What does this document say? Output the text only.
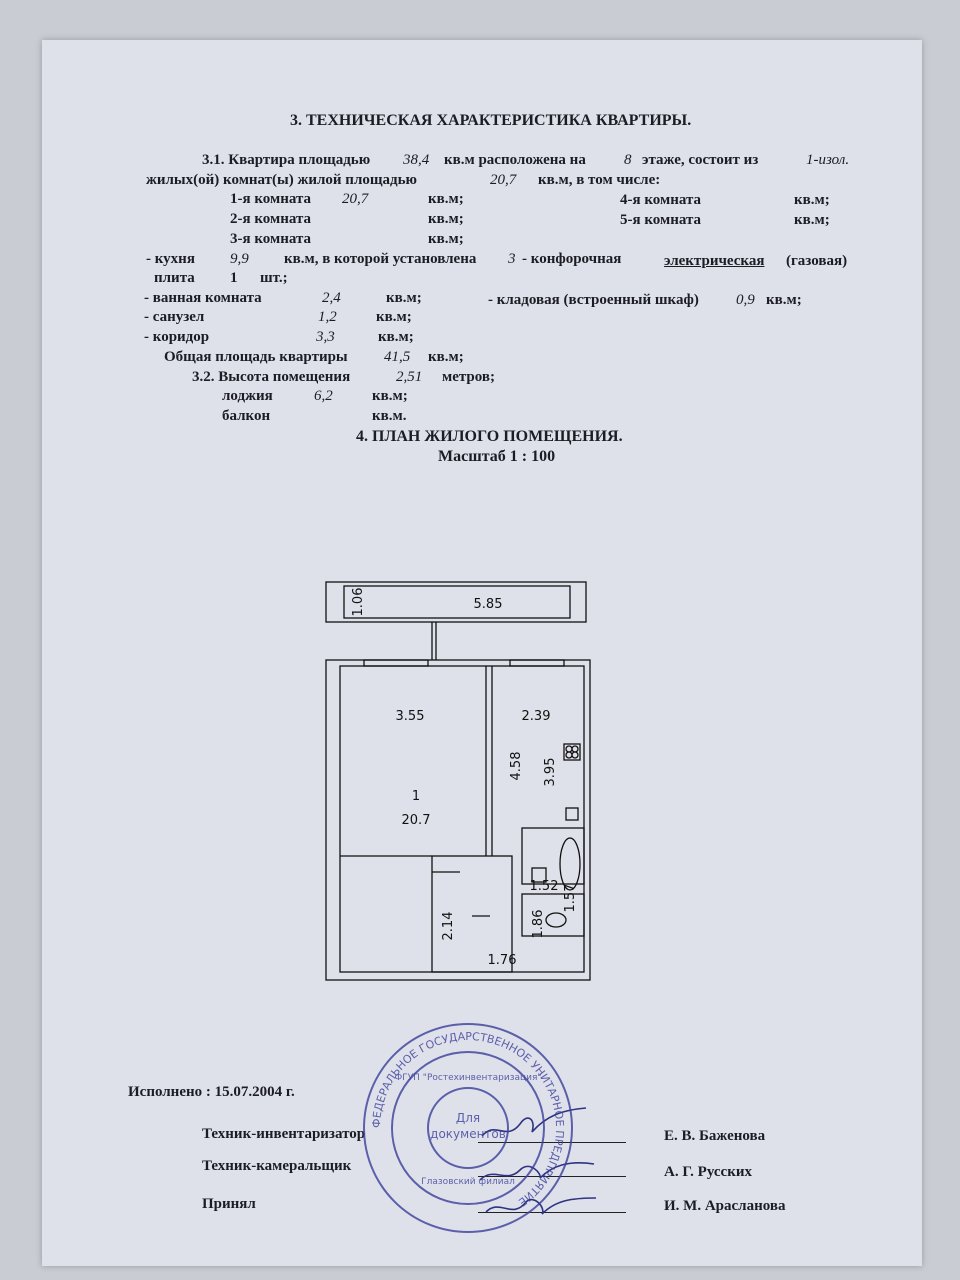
3. ТЕХНИЧЕСКАЯ ХАРАКТЕРИСТИКА КВАРТИРЫ.
3.1. Квартира площадью 38,4 кв.м расположена на	8 этаже, состоит из	1-изол.
жилых(ой) комнат(ы) жилой площадью	20,7 кв.м, в том числе:
1-я комната 20,7	кв.м;	4-я комната	кв.м;
2-я комната	кв.м;	5-я комната	кв.м;
3-я комната	кв.м;
- кухня 9,9 кв.м, в которой установлена 3 - конфорочная	электрическая (газовая)
плита 1 шт.;
- ванная комната	2,4	кв.м;	- кладовая (встроенный шкаф) 0,9 кв.м;
- санузел	1,2	кв.м;
- коридор	3,3	кв.м;
Общая площадь квартиры 41,5 кв.м;
3.2. Высота помещения	2,51 метров;
лоджия	6,2	кв.м;
балкон	кв.м.
4. ПЛАН ЖИЛОГО ПОМЕЩЕНИЯ.
Масштаб 1 : 100
5.85
1.06
3.55	2.39
4.58 3.95
1
20.7
1.52 1.57
2.14	1.86
1.76
Исполнено : 15.07.2004 г.
Техник-инвентаризатор
Техник-камеральщик
Принял
Е. В. Баженова
А. Г. Русских
И. М. Арасланова
ФЕДЕРАЛЬНОЕ ГОСУДАРСТВЕННОЕ УНИТАРНОЕ ПРЕДПРИЯТИЕ
ФГУП "Ростехинвентаризация"
Для
документов
Глазовский филиал
